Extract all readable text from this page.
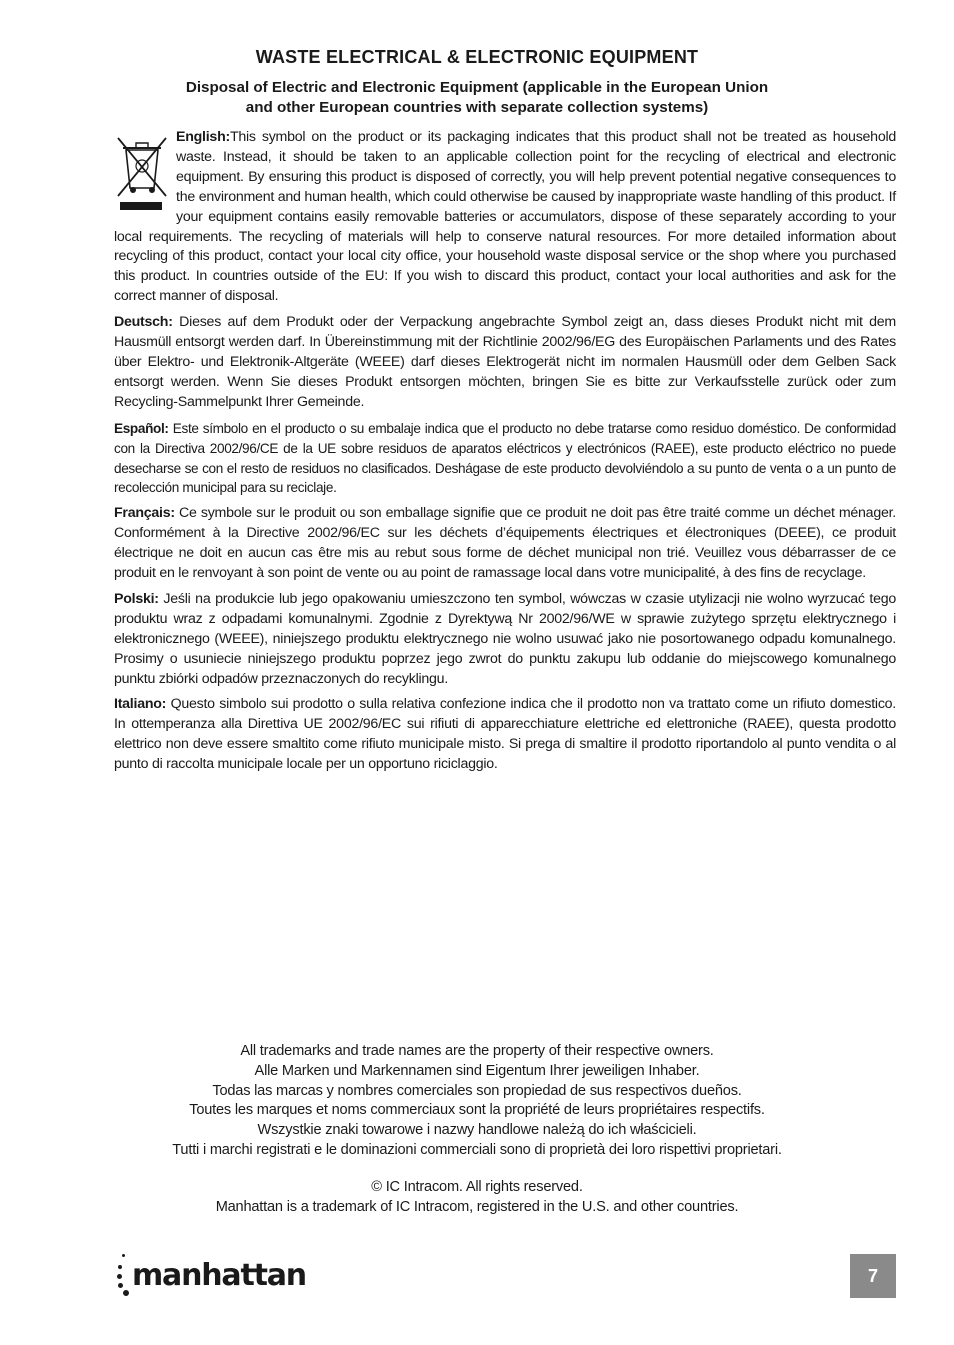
WASTE ELECTRICAL & ELECTRONIC EQUIPMENT
Disposal of Electric and Electronic Equipment (applicable in the European Union
and other European countries with separate collection systems)

English:This symbol on the product or its packaging indicates that this product shall not be treated as household waste. Instead, it should be taken to an applicable collection point for the recycling of electrical and electronic equipment. By ensuring this product is disposed of correctly, you will help prevent potential negative consequences to the environment and human health, which could otherwise be caused by inappropriate waste handling of this product. If your equipment contains easily removable batteries or accumulators, dispose of these separately according to your local requirements. The recycling of materials will help to conserve natural resources. For more detailed information about recycling of this product, contact your local city office, your household waste disposal service or the shop where you purchased this product. In countries outside of the EU: If you wish to discard this product, contact your local authorities and ask for the correct manner of disposal.

Deutsch: Dieses auf dem Produkt oder der Verpackung angebrachte Symbol zeigt an, dass dieses Produkt nicht mit dem Hausmüll entsorgt werden darf. In Übereinstimmung mit der Richtlinie 2002/96/EG des Europäischen Parlaments und des Rates über Elektro- und Elektronik-Altgeräte (WEEE) darf dieses Elektrogerät nicht im normalen Hausmüll oder dem Gelben Sack entsorgt werden. Wenn Sie dieses Produkt entsorgen möchten, bringen Sie es bitte zur Verkaufsstelle zurück oder zum Recycling-Sammelpunkt Ihrer Gemeinde.

Español: Este símbolo en el producto o su embalaje indica que el producto no debe tratarse como residuo doméstico. De conformidad con la Directiva 2002/96/CE de la UE sobre residuos de aparatos eléctricos y electrónicos (RAEE), este producto eléctrico no puede desecharse se con el resto de residuos no clasificados. Deshágase de este producto devolviéndolo a su punto de venta o a un punto de recolección municipal para su reciclaje.

Français: Ce symbole sur le produit ou son emballage signifie que ce produit ne doit pas être traité comme un déchet ménager. Conformément à la Directive 2002/96/EC sur les déchets d’équipements électriques et électroniques (DEEE), ce produit électrique ne doit en aucun cas être mis au rebut sous forme de déchet municipal non trié. Veuillez vous débarrasser de ce produit en le renvoyant à son point de vente ou au point de ramassage local dans votre municipalité, à des fins de recyclage.

Polski: Jeśli na produkcie lub jego opakowaniu umieszczono ten symbol, wówczas w czasie utylizacji nie wolno wyrzucać tego produktu wraz z odpadami komunalnymi. Zgodnie z Dyrektywą Nr 2002/96/WE w sprawie zużytego sprzętu elektrycznego i elektronicznego (WEEE), niniejszego produktu elektrycznego nie wolno usuwać jako nie posortowanego odpadu komunalnego. Prosimy o usuniecie niniejszego produktu poprzez jego zwrot do punktu zakupu lub oddanie do miejscowego komunalnego punktu zbiórki odpadów przeznaczonych do recyklingu.

Italiano: Questo simbolo sui prodotto o sulla relativa confezione indica che il prodotto non va trattato come un rifiuto domestico. In ottemperanza alla Direttiva UE 2002/96/EC sui rifiuti di apparecchiature elettriche ed elettroniche (RAEE), questa prodotto elettrico non deve essere smaltito come rifiuto municipale misto. Si prega di smaltire il prodotto riportandolo al punto vendita o al punto di raccolta municipale locale per un opportuno riciclaggio.

All trademarks and trade names are the property of their respective owners.
Alle Marken und Markennamen sind Eigentum Ihrer jeweiligen Inhaber.
Todas las marcas y nombres comerciales son propiedad de sus respectivos dueños.
Toutes les marques et noms commerciaux sont la propriété de leurs propriétaires respectifs.
Wszystkie znaki towarowe i nazwy handlowe należą do ich właścicieli.
Tutti i marchi registrati e le dominazioni commerciali sono di proprietà dei loro rispettivi proprietari.
© IC Intracom. All rights reserved.
Manhattan is a trademark of IC Intracom, registered in the U.S. and other countries.
manhattan	7
